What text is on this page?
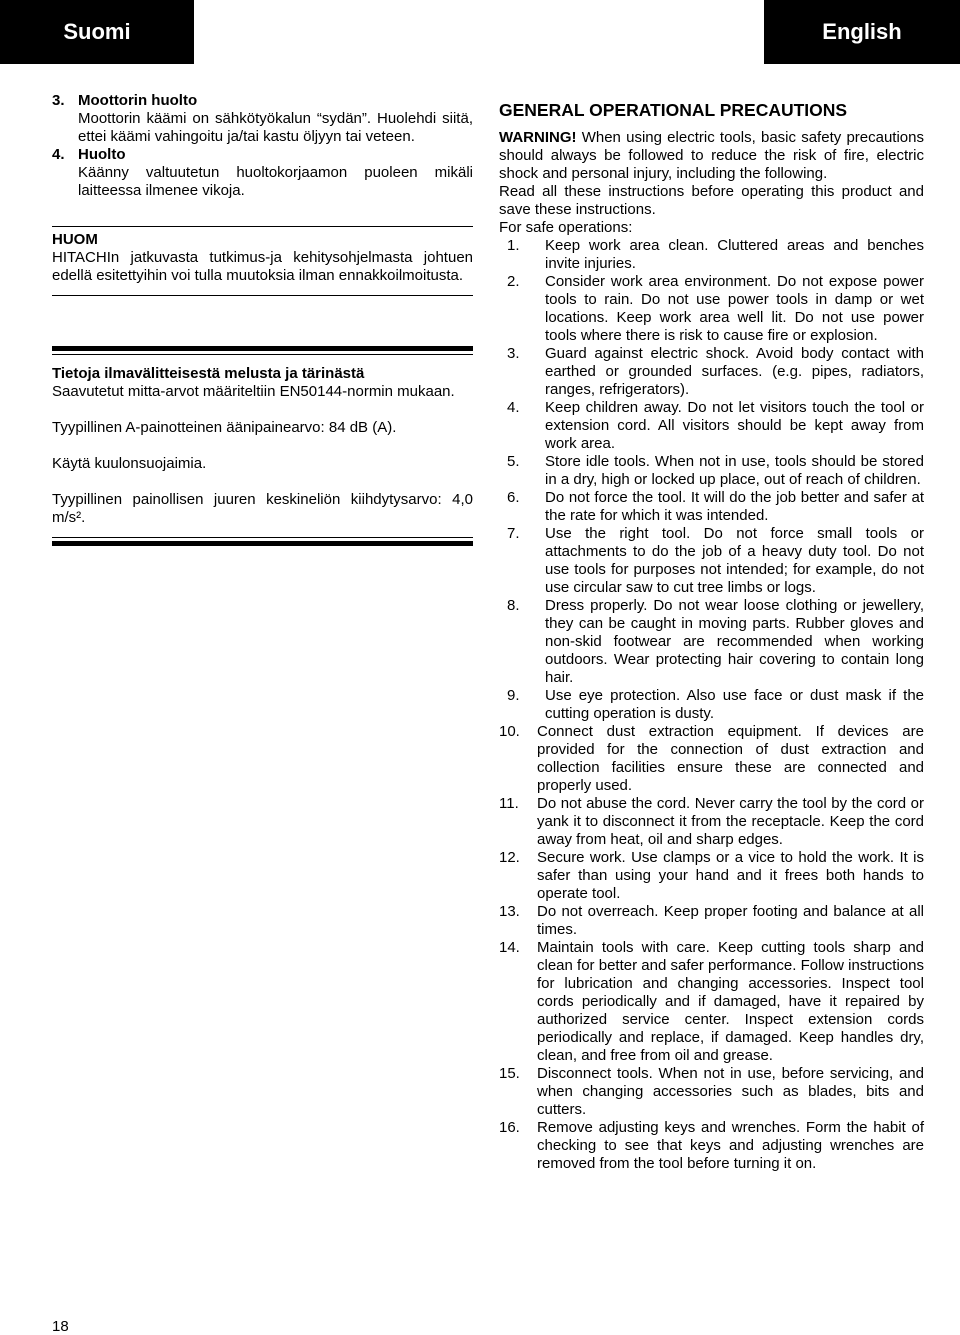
Suomi	English
3. Moottorin huolto
Moottorin käämi on sähkötyökalun “sydän”. Huolehdi siitä, ettei käämi vahingoitu ja/tai kastu öljyyn tai veteen.
4. Huolto
Käänny valtuutetun huoltokorjaamon puoleen mikäli laitteessa ilmenee vikoja.
HUOM
HITACHIn jatkuvasta tutkimus-ja kehitysohjelmasta johtuen edellä esitettyihin voi tulla muutoksia ilman ennakkoilmoitusta.
Tietoja ilmavälitteisestä melusta ja tärinästä
Saavutetut mitta-arvot määriteltiin EN50144-normin mukaan.
Tyypillinen A-painotteinen äänipainearvo: 84 dB (A).
Käytä kuulonsuojaimia.
Tyypillinen painollisen juuren keskineliön kiihdytysarvo: 4,0 m/s².
GENERAL OPERATIONAL PRECAUTIONS
WARNING! When using electric tools, basic safety precautions should always be followed to reduce the risk of fire, electric shock and personal injury, including the following.
Read all these instructions before operating this product and save these instructions.
For safe operations:
1.	Keep work area clean. Cluttered areas and benches invite injuries.
2.	Consider work area environment. Do not expose power tools to rain. Do not use power tools in damp or wet locations. Keep work area well lit. Do not use power tools where there is risk to cause fire or explosion.
3.	Guard against electric shock. Avoid body contact with earthed or grounded surfaces. (e.g. pipes, radiators, ranges, refrigerators).
4.	Keep children away. Do not let visitors touch the tool or extension cord. All visitors should be kept away from work area.
5.	Store idle tools. When not in use, tools should be stored in a dry, high or locked up place, out of reach of children.
6.	Do not force the tool. It will do the job better and safer at the rate for which it was intended.
7.	Use the right tool. Do not force small tools or attachments to do the job of a heavy duty tool. Do not use tools for purposes not intended; for example, do not use circular saw to cut tree limbs or logs.
8.	Dress properly. Do not wear loose clothing or jewellery, they can be caught in moving parts. Rubber gloves and non-skid footwear are recommended when working outdoors. Wear protecting hair covering to contain long hair.
9.	Use eye protection. Also use face or dust mask if the cutting operation is dusty.
10.	Connect dust extraction equipment. If devices are provided for the connection of dust extraction and collection facilities ensure these are connected and properly used.
11.	Do not abuse the cord. Never carry the tool by the cord or yank it to disconnect it from the receptacle. Keep the cord away from heat, oil and sharp edges.
12.	Secure work. Use clamps or a vice to hold the work. It is safer than using your hand and it frees both hands to operate tool.
13.	Do not overreach. Keep proper footing and balance at all times.
14.	Maintain tools with care. Keep cutting tools sharp and clean for better and safer performance. Follow instructions for lubrication and changing accessories. Inspect tool cords periodically and if damaged, have it repaired by authorized service center. Inspect extension cords periodically and replace, if damaged. Keep handles dry, clean, and free from oil and grease.
15.	Disconnect tools. When not in use, before servicing, and when changing accessories such as blades, bits and cutters.
16.	Remove adjusting keys and wrenches. Form the habit of checking to see that keys and adjusting wrenches are removed from the tool before turning it on.
18
